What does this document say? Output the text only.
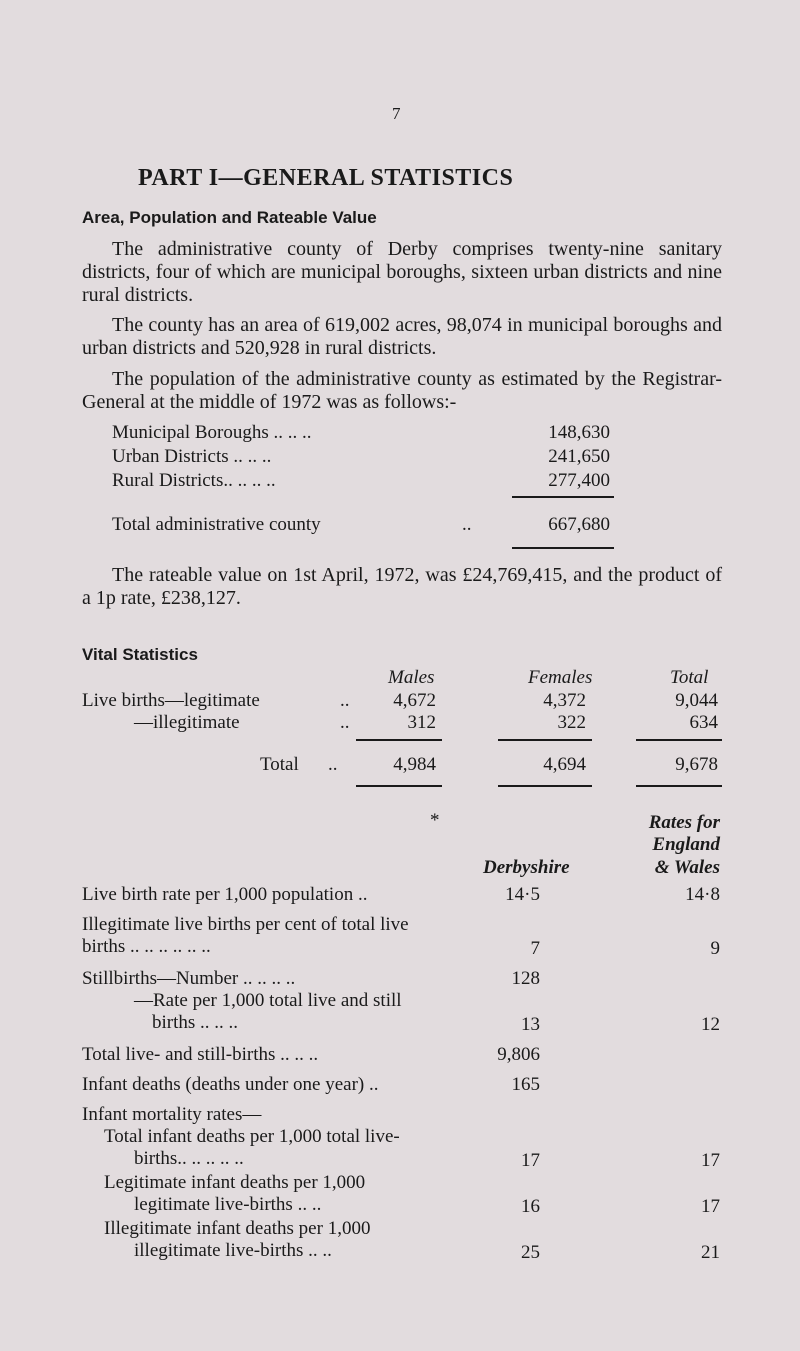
7
PART I—GENERAL STATISTICS
Area, Population and Rateable Value
The administrative county of Derby comprises twenty-nine sanitary districts, four of which are municipal boroughs, sixteen urban districts and nine rural districts.
The county has an area of 619,002 acres, 98,074 in municipal boroughs and urban districts and 520,928 in rural districts.
The population of the administrative county as estimated by the Registrar-General at the middle of 1972 was as follows:-
Municipal Boroughs .. .. ..	148,630
Urban Districts .. .. ..	241,650
Rural Districts.. .. .. ..	277,400
Total administrative county	..	667,680
The rateable value on 1st April, 1972, was £24,769,415, and the product of a 1p rate, £238,127.
Vital Statistics
Males	Females	Total
Live births—legitimate	..	4,672	4,372	9,044
—illegitimate	..	312	322	634
Total ..	4,984	4,694	9,678
*	Rates for
England
Derbyshire	& Wales
Live birth rate per 1,000 population ..	14·5	14·8
Illegitimate live births per cent of total live
births .. .. .. .. .. ..	7	9
Stillbirths—Number .. .. .. ..	128
—Rate per 1,000 total live and still
births .. .. ..	13	12
Total live- and still-births .. .. ..	9,806
Infant deaths (deaths under one year) ..	165
Infant mortality rates—
Total infant deaths per 1,000 total live-
births.. .. .. .. ..	17	17
Legitimate infant deaths per 1,000
legitimate live-births .. ..	16	17
Illegitimate infant deaths per 1,000
illegitimate live-births .. ..	25	21
